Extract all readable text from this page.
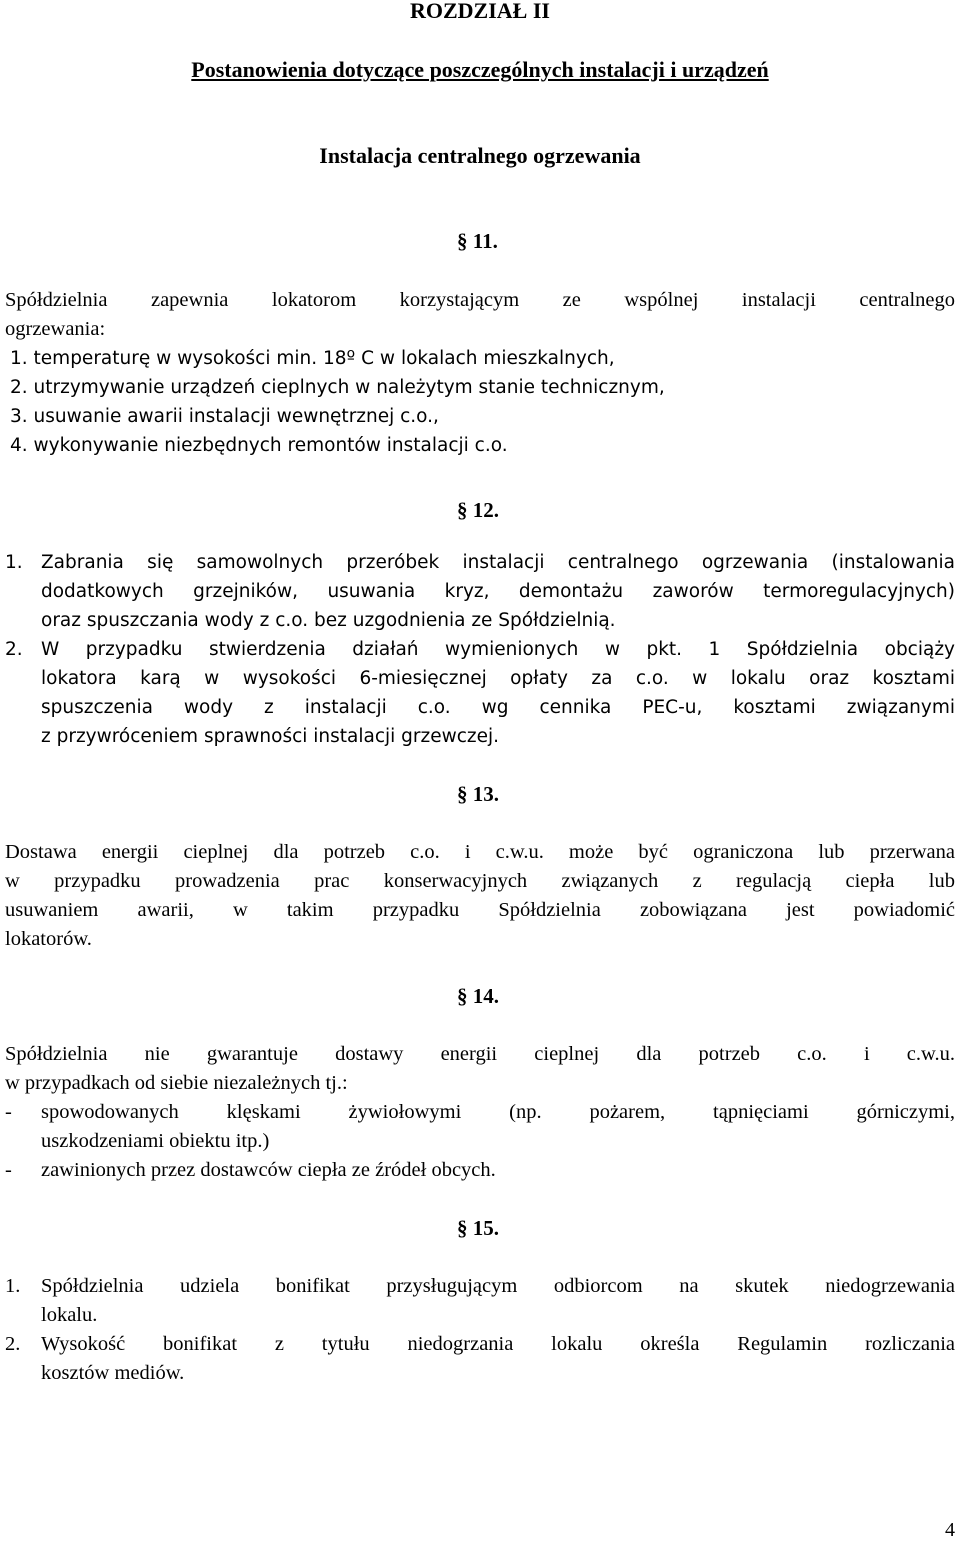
ROZDZIAŁ II
Postanowienia dotyczące poszczególnych instalacji i urządzeń
Instalacja centralnego ogrzewania
§ 11.
Spółdzielnia zapewnia lokatorom korzystającym ze wspólnej instalacji centralnego
ogrzewania:
1. temperaturę w wysokości min. 18º C w lokalach mieszkalnych,
2. utrzymywanie urządzeń cieplnych w należytym stanie technicznym,
3. usuwanie awarii instalacji wewnętrznej c.o.,
4. wykonywanie niezbędnych remontów instalacji c.o.
§ 12.
1. Zabrania się samowolnych przeróbek instalacji centralnego ogrzewania (instalowania
dodatkowych grzejników, usuwania kryz, demontażu zaworów termoregulacyjnych)
oraz spuszczania wody z c.o. bez uzgodnienia ze Spółdzielnią.
2. W przypadku stwierdzenia działań wymienionych w pkt. 1 Spółdzielnia obciąży
lokatora karą w wysokości 6-miesięcznej opłaty za c.o. w lokalu oraz kosztami
spuszczenia wody z instalacji c.o. wg cennika PEC-u, kosztami związanymi
z przywróceniem sprawności instalacji grzewczej.
§ 13.
Dostawa energii cieplnej dla potrzeb c.o. i c.w.u. może być ograniczona lub przerwana
w przypadku prowadzenia prac konserwacyjnych związanych z regulacją ciepła lub
usuwaniem awarii, w takim przypadku Spółdzielnia zobowiązana jest powiadomić
lokatorów.
§ 14.
Spółdzielnia nie gwarantuje dostawy energii cieplnej dla potrzeb c.o. i c.w.u.
w przypadkach od siebie niezależnych tj.:
- spowodowanych klęskami żywiołowymi (np. pożarem, tąpnięciami górniczymi,
uszkodzeniami obiektu itp.)
- zawinionych przez dostawców ciepła ze źródeł obcych.
§ 15.
1. Spółdzielnia udziela bonifikat przysługującym odbiorcom na skutek niedogrzewania
lokalu.
2. Wysokość bonifikat z tytułu niedogrzania lokalu określa Regulamin rozliczania
kosztów mediów.
4
